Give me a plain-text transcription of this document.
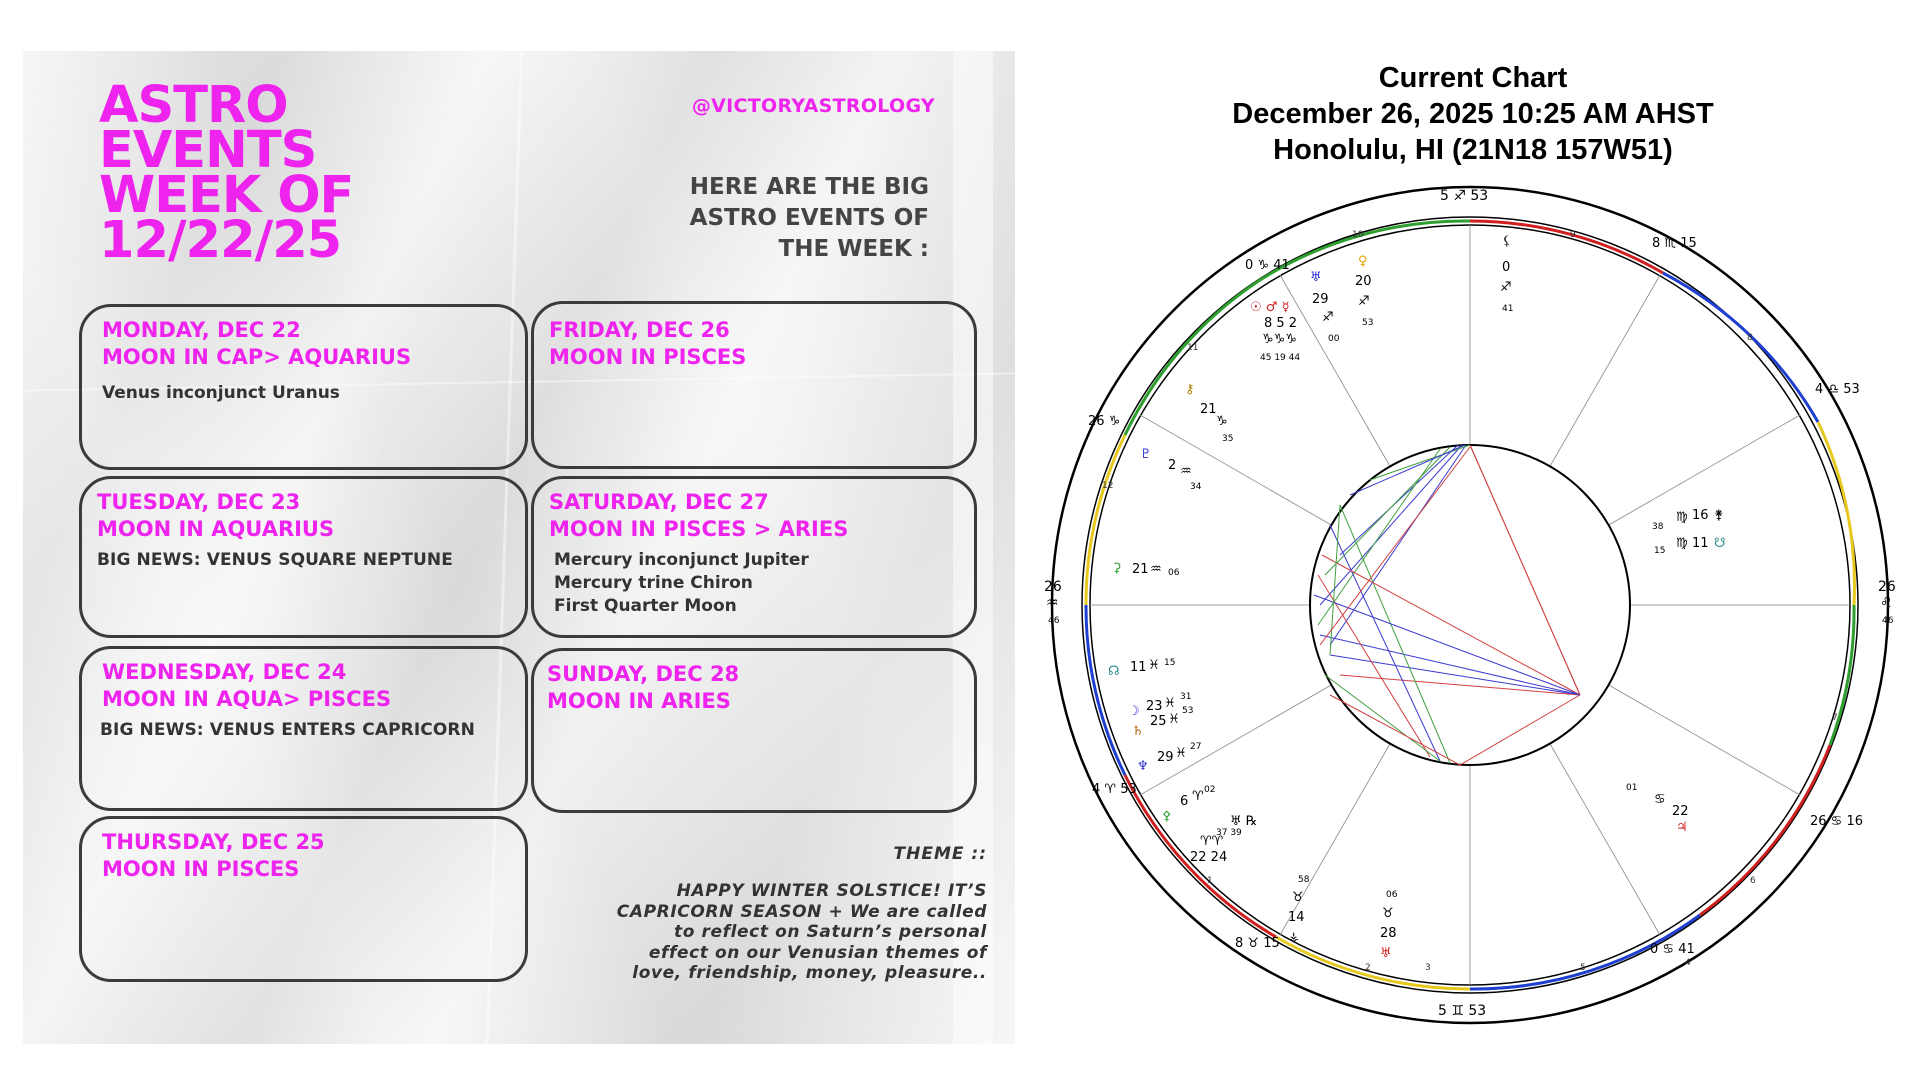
ASTRO
EVENTS
WEEK OF
12/22/25
@VICTORYASTROLOGY
HERE ARE THE BIG
ASTRO EVENTS OF
THE WEEK :
MONDAY, DEC 22
MOON IN CAP> AQUARIUS
Venus inconjunct Uranus
TUESDAY, DEC 23
MOON IN AQUARIUS
BIG NEWS: VENUS SQUARE NEPTUNE
WEDNESDAY, DEC 24
MOON IN AQUA> PISCES
BIG NEWS: VENUS ENTERS CAPRICORN
THURSDAY, DEC 25
MOON IN PISCES
FRIDAY, DEC 26
MOON IN PISCES
SATURDAY, DEC 27
MOON IN PISCES > ARIES
Mercury inconjunct Jupiter
Mercury trine Chiron
First Quarter Moon
SUNDAY, DEC 28
MOON IN ARIES
THEME ::
HAPPY WINTER SOLSTICE! IT’S
CAPRICORN SEASON + We are called
to reflect on Saturn’s personal
effect on our Venusian themes of
love, friendship, money, pleasure..
Current Chart
December 26, 2025 10:25 AM AHST
Honolulu, HI (21N18 157W51)
10	9
11
8
12
7
1	6
2	5
3	4
5 ♐ 53
5 ♊ 53
26
♒
46
26
♌
46
8 ♏ 15
4 ♎ 53
0 ♑ 41
26 ♑
4 ♈ 53
8 ♉ 15	0 ♋ 41
26 ♋ 16
⚸
0
♐
41
♀
20
♐
53
♅
29
♐
00
☉ ♂ ☿
8 5 2
♑♑♑
45 19 44
⚷
21
♑
35
♇
2 ♒
34
⚳ 21 ♒ 06
☊ 11 ♓ 15
☽ 23 ♓ 31
♄
25 ♓
53
♆
29 ♓ 27
⚴
6 ♈ 02
♅ ℞
22 24
♈♈
37 39
58
♉
14
⚶
06
♉
28
♅
01
♋
22
♃
38
♍ 16 ⚵
15 ♍ 11 ☋
